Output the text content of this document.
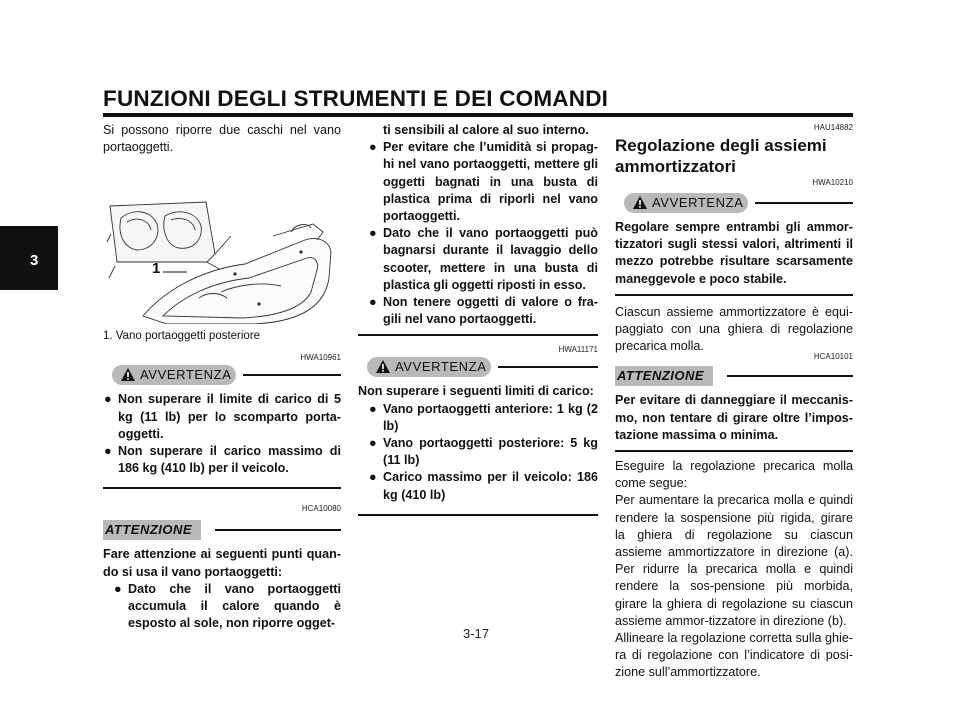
FUNZIONI DEGLI STRUMENTI E DEI COMANDI
3

Si possono riporre due caschi nel vano portaoggetti.

1
1. Vano portaoggetti posteriore
HWA10961
AVVERTENZA
● Non superare il limite di carico di 5 kg (11 lb) per lo scomparto porta-oggetti.
● Non superare il carico massimo di 186 kg (410 lb) per il veicolo.
HCA10080
ATTENZIONE

Fare attenzione ai seguenti punti quan-do si usa il vano portaoggetti:

● Dato che il vano portaoggetti accumula il calore quando è esposto al sole, non riporre ogget-
ti sensibili al calore al suo interno.
● Per evitare che l’umidità si propag-hi nel vano portaoggetti, mettere gli oggetti bagnati in una busta di plastica prima di riporli nel vano portaoggetti.
● Dato che il vano portaoggetti può bagnarsi durante il lavaggio dello scooter, mettere in una busta di plastica gli oggetti riposti in esso.
● Non tenere oggetti di valore o fra-gili nel vano portaoggetti.
HWA11171
AVVERTENZA

Non superare i seguenti limiti di carico:

● Vano portaoggetti anteriore: 1 kg (2 lb)
● Vano portaoggetti posteriore: 5 kg (11 lb)
● Carico massimo per il veicolo: 186 kg (410 lb)
HAU14882
Regolazione degli assiemi ammortizzatori
HWA10210
AVVERTENZA

Regolare sempre entrambi gli ammor-tizzatori sugli stessi valori, altrimenti il mezzo potrebbe risultare scarsamente maneggevole e poco stabile.

Ciascun assieme ammortizzatore è equi-paggiato con una ghiera di regolazione precarica molla.

HCA10101
ATTENZIONE

Per evitare di danneggiare il meccanis-mo, non tentare di girare oltre l’impos-tazione massima o minima.

Eseguire la regolazione precarica molla come segue:

Per aumentare la precarica molla e quindi rendere la sospensione più rigida, girare la ghiera di regolazione su ciascun assieme ammortizzatore in direzione (a). Per ridurre la precarica molla e quindi rendere la sos-pensione più morbida, girare la ghiera di regolazione su ciascun assieme ammor-tizzatore in direzione (b).

Allineare la regolazione corretta sulla ghie-ra di regolazione con l’indicatore di posi-zione sull’ammortizzatore.

3-17
